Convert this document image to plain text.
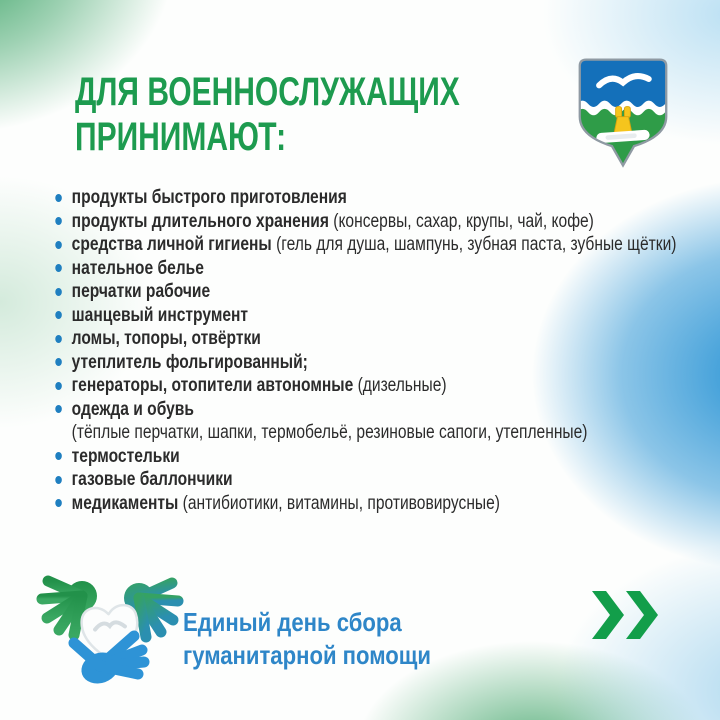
ДЛЯ ВОЕННОСЛУЖАЩИХ
ПРИНИМАЮТ:
продукты быстрого приготовления
продукты длительного хранения (консервы, сахар, крупы, чай, кофе)
средства личной гигиены (гель для душа, шампунь, зубная паста, зубные щётки)
нательное белье
перчатки рабочие
шанцевый инструмент
ломы, топоры, отвёртки
утеплитель фольгированный;
генераторы, отопители автономные (дизельные)
одежда и обувь
(тёплые перчатки, шапки, термобельё, резиновые сапоги, утепленные)
термостельки
газовые баллончики
медикаменты (антибиотики, витамины, противовирусные)
Единый день сбора
гуманитарной помощи
